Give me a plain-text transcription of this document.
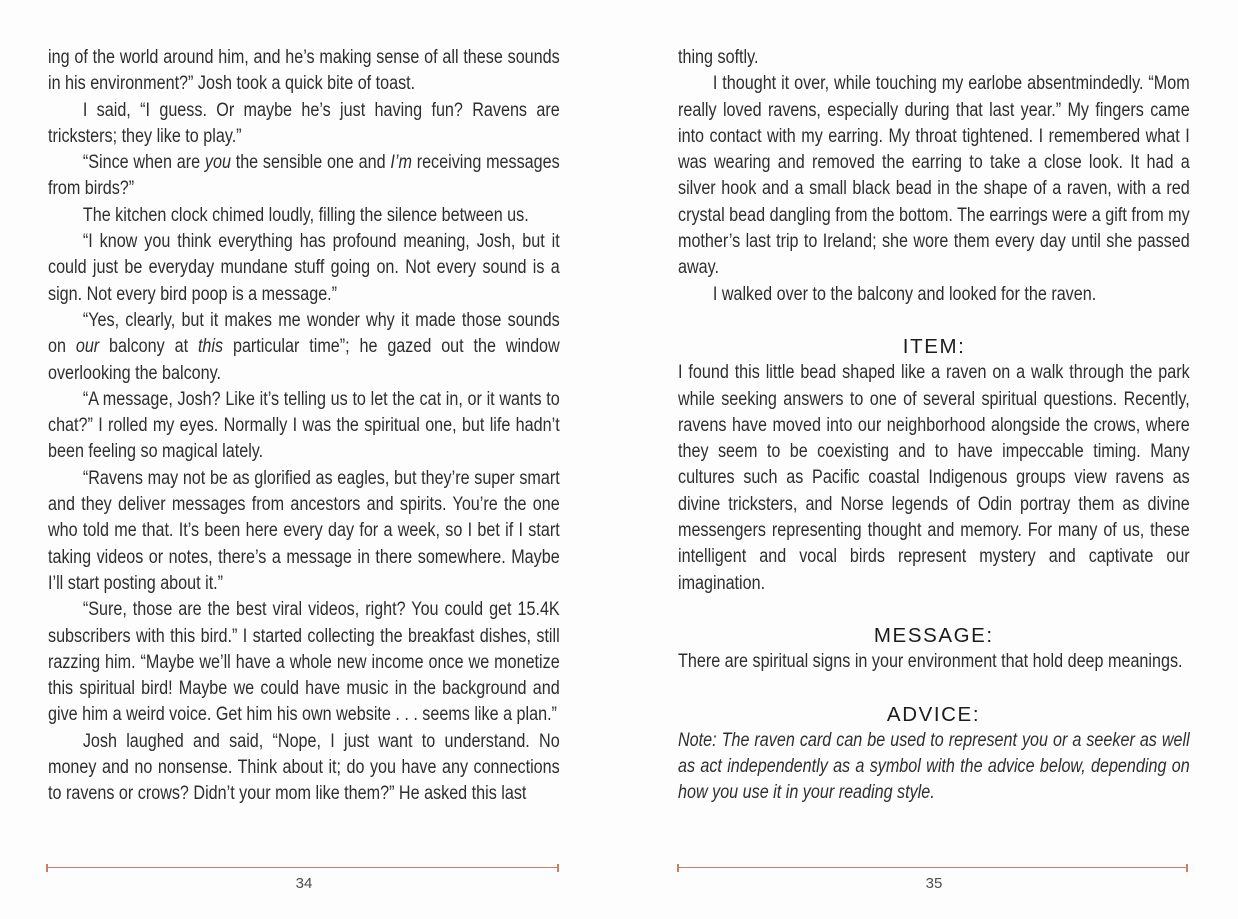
ing of the world around him, and he’s making sense of all these sounds in his environment?” Josh took a quick bite of toast.

I said, “I guess. Or maybe he’s just having fun? Ravens are tricksters; they like to play.”

“Since when are you the sensible one and I’m receiving messages from birds?”

The kitchen clock chimed loudly, filling the silence between us.

“I know you think everything has profound meaning, Josh, but it could just be everyday mundane stuff going on. Not every sound is a sign. Not every bird poop is a message.”

“Yes, clearly, but it makes me wonder why it made those sounds on our balcony at this particular time”; he gazed out the window overlooking the balcony.

“A message, Josh? Like it’s telling us to let the cat in, or it wants to chat?” I rolled my eyes. Normally I was the spiritual one, but life hadn’t been feeling so magical lately.

“Ravens may not be as glorified as eagles, but they’re super smart and they deliver messages from ancestors and spirits. You’re the one who told me that. It’s been here every day for a week, so I bet if I start taking videos or notes, there’s a message in there somewhere. Maybe I’ll start posting about it.”

“Sure, those are the best viral videos, right? You could get 15.4K subscribers with this bird.” I started collecting the breakfast dishes, still razzing him. “Maybe we’ll have a whole new income once we monetize this spiritual bird! Maybe we could have music in the background and give him a weird voice. Get him his own website . . . seems like a plan.”

Josh laughed and said, “Nope, I just want to understand. No money and no nonsense. Think about it; do you have any connections to ravens or crows? Didn’t your mom like them?” He asked this last

thing softly.

I thought it over, while touching my earlobe absentmindedly. “Mom really loved ravens, especially during that last year.” My fingers came into contact with my earring. My throat tightened. I remembered what I was wearing and removed the earring to take a close look. It had a silver hook and a small black bead in the shape of a raven, with a red crystal bead dangling from the bottom. The earrings were a gift from my mother’s last trip to Ireland; she wore them every day until she passed away.

I walked over to the balcony and looked for the raven.

ITEM:

I found this little bead shaped like a raven on a walk through the park while seeking answers to one of several spiritual questions. Recently, ravens have moved into our neighborhood alongside the crows, where they seem to be coexisting and to have impeccable timing. Many cultures such as Pacific coastal Indigenous groups view ravens as divine tricksters, and Norse legends of Odin portray them as divine messengers representing thought and memory. For many of us, these intelligent and vocal birds represent mystery and captivate our imagination.

MESSAGE:

There are spiritual signs in your environment that hold deep meanings.

ADVICE:

Note: The raven card can be used to represent you or a seeker as well as act independently as a symbol with the advice below, depending on how you use it in your reading style.

34	35
